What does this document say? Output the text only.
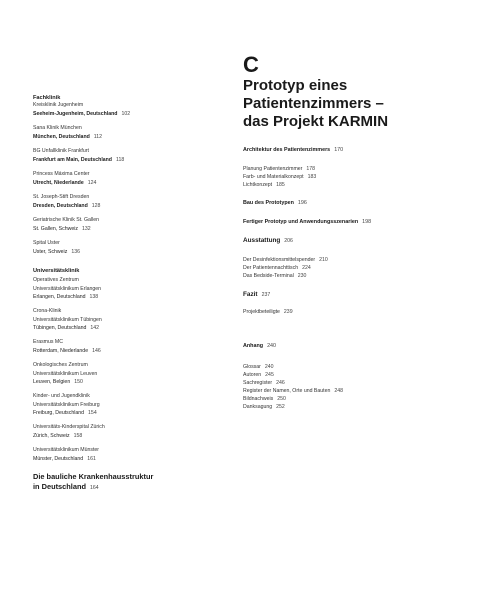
Fachklinik
Kreisklinik Jugenheim
Seeheim-Jugenheim, Deutschland 102
Sana Klinik München
München, Deutschland 112
BG Unfallklinik Frankfurt
Frankfurt am Main, Deutschland 118
Princess Máxima Center
Utrecht, Niederlande 124
St. Joseph-Stift Dresden
Dresden, Deutschland 128
Geriatrische Klinik St. Gallen
St. Gallen, Schweiz 132
Spital Uster
Uster, Schweiz 136
Universitätsklinik
Operatives Zentrum
Universitätsklinikum Erlangen
Erlangen, Deutschland 138
Crona-Klinik
Universitätsklinikum Tübingen
Tübingen, Deutschland 142
Erasmus MC
Rotterdam, Niederlande 146
Onkologisches Zentrum
Universitätsklinikum Leuven
Leuven, Belgien 150
Kinder- und Jugendklinik
Universitätsklinikum Freiburg
Freiburg, Deutschland 154
Universitäts-Kinderspital Zürich
Zürich, Schweiz 158
Universitätsklinikum Münster
Münster, Deutschland 161
Die bauliche Krankenhausstruktur
in Deutschland 164
C
Prototyp eines
Patientenzimmers –
das Projekt KARMIN
Architektur des Patientenzimmers 170
Planung Patientenzimmer 178
Farb- und Materialkonzept 183
Lichtkonzept 185
Bau des Prototypen 196
Fertiger Prototyp und Anwendungsszenarien 198
Ausstattung 206
Der Desinfektionsmittelspender 210
Der Patientennachttisch 224
Das Bedside-Terminal 230
Fazit 237
Projektbeteiligte 239
Anhang 240
Glossar 240
Autoren 245
Sachregister 246
Register der Namen, Orte und Bauten 248
Bildnachweis 250
Danksagung 252
